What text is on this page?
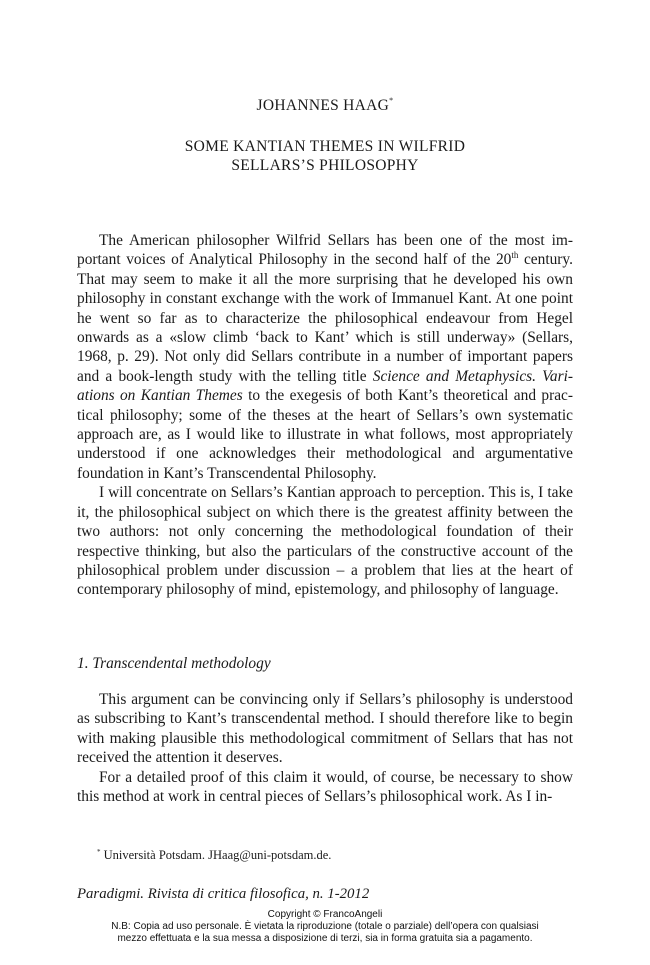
JOHANNES HAAG*
SOME KANTIAN THEMES IN WILFRID
SELLARS’S PHILOSOPHY

The American philosopher Wilfrid Sellars has been one of the most important voices of Analytical Philosophy in the second half of the 20th century. That may seem to make it all the more surprising that he developed his own philosophy in constant exchange with the work of Immanuel Kant. At one point he went so far as to characterize the philosophical endeavour from Hegel onwards as a «slow climb ‘back to Kant’ which is still underway» (Sellars, 1968, p. 29). Not only did Sellars contribute in a number of important papers and a book-length study with the telling title Science and Metaphysics. Variations on Kantian Themes to the exegesis of both Kant’s theoretical and practical philosophy; some of the theses at the heart of Sellars’s own systematic approach are, as I would like to illustrate in what follows, most appropriately understood if one acknowledges their methodological and argumentative foundation in Kant’s Transcendental Philosophy.

I will concentrate on Sellars’s Kantian approach to perception. This is, I take it, the philosophical subject on which there is the greatest affinity between the two authors: not only concerning the methodological foundation of their respective thinking, but also the particulars of the constructive account of the philosophical problem under discussion – a problem that lies at the heart of contemporary philosophy of mind, epistemology, and philosophy of language.

1. Transcendental methodology

This argument can be convincing only if Sellars’s philosophy is understood as subscribing to Kant’s transcendental method. I should therefore like to begin with making plausible this methodological commitment of Sellars that has not received the attention it deserves.

For a detailed proof of this claim it would, of course, be necessary to show this method at work in central pieces of Sellars’s philosophical work. As I in-

* Università Potsdam. JHaag@uni-potsdam.de.
Paradigmi. Rivista di critica filosofica, n. 1-2012
Copyright © FrancoAngeli
N.B: Copia ad uso personale. È vietata la riproduzione (totale o parziale) dell’opera con qualsiasi
mezzo effettuata e la sua messa a disposizione di terzi, sia in forma gratuita sia a pagamento.
